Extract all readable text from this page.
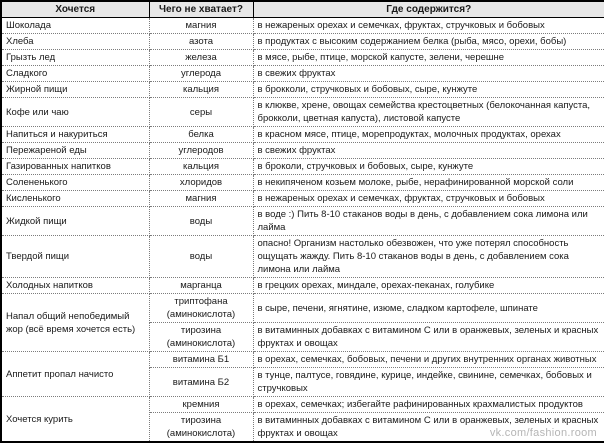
Хочется	Чего не хватает?	Где содержится?
Шоколада	магния	в нежареных орехах и семечках, фруктах, стручковых и бобовых
Хлеба	азота	в продуктах с высоким содержанием белка (рыба, мясо, орехи, бобы)
Грызть лед	железа	в мясе, рыбе, птице, морской капусте, зелени, черешне
Сладкого	углерода	в свежих фруктах
Жирной пищи	кальция	в брокколи, стручковых и бобовых, сыре, кунжуте
Кофе или чаю	серы	в клюкве, хрене, овощах семейства крестоцветных (белокочанная капуста, брокколи, цветная капуста), листовой капусте
Напиться и накуриться	белка	в красном мясе, птице, морепродуктах, молочных продуктах, орехах
Пережареной еды	углеродов	в свежих фруктах
Газированных напитков	кальция	в броколи, стручковых и бобовых, сыре, кунжуте
Солененького	хлоридов	в некипяченом козьем молоке, рыбе, нерафинированной морской соли
Кисленького	магния	в нежареных орехах и семечках, фруктах, стручковых и бобовых
Жидкой пищи	воды	в воде :) Пить 8-10 стаканов воды в день, с добавлением сока лимона или лайма
Твердой пищи	воды	опасно! Организм настолько обезвожен, что уже потерял способность ощущать жажду. Пить 8-10 стаканов воды в день, с добавлением сока лимона или лайма
Холодных напитков	марганца	в грецких орехах, миндале, орехах-пеканах, голубике
Напал общий непобедимый жор (всё время хочется есть)	триптофана (аминокислота)	в сыре, печени, ягнятине, изюме, сладком картофеле, шпинате
	тирозина (аминокислота)	в витаминных добавках с витамином С или в оранжевых, зеленых и красных фруктах и овощах
Аппетит пропал начисто	витамина Б1	в орехах, семечках, бобовых, печени и других внутренних органах животных
	витамина Б2	в тунце, палтусе, говядине, курице, индейке, свинине, семечках, бобовых и стручковых
Хочется курить	кремния	в орехах, семечках; избегайте рафинированных крахмалистых продуктов
	тирозина (аминокислота)	в витаминных добавках с витамином С или в оранжевых, зеленых и красных фруктах и овощах	vk.com/fashion.room
